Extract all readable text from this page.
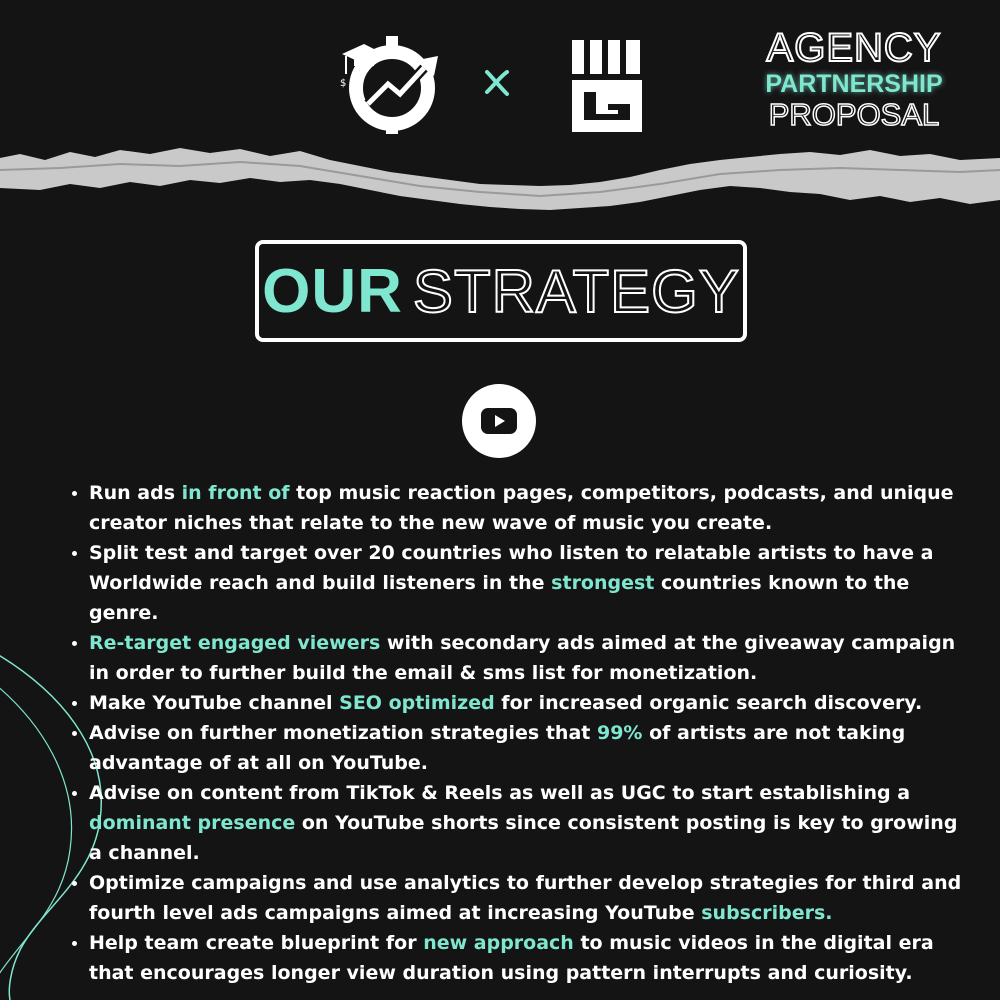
$
AGENCY
PARTNERSHIP
PROPOSAL
OUR STRATEGY
• Run ads in front of top music reaction pages, competitors, podcasts, and unique creator niches that relate to the new wave of music you create.
• Split test and target over 20 countries who listen to relatable artists to have a Worldwide reach and build listeners in the strongest countries known to the genre.
• Re-target engaged viewers with secondary ads aimed at the giveaway campaign in order to further build the email & sms list for monetization.
• Make YouTube channel SEO optimized for increased organic search discovery.
• Advise on further monetization strategies that 99% of artists are not taking advantage of at all on YouTube.
• Advise on content from TikTok & Reels as well as UGC to start establishing a dominant presence on YouTube shorts since consistent posting is key to growing a channel.
• Optimize campaigns and use analytics to further develop strategies for third and fourth level ads campaigns aimed at increasing YouTube subscribers.
• Help team create blueprint for new approach to music videos in the digital era that encourages longer view duration using pattern interrupts and curiosity.
